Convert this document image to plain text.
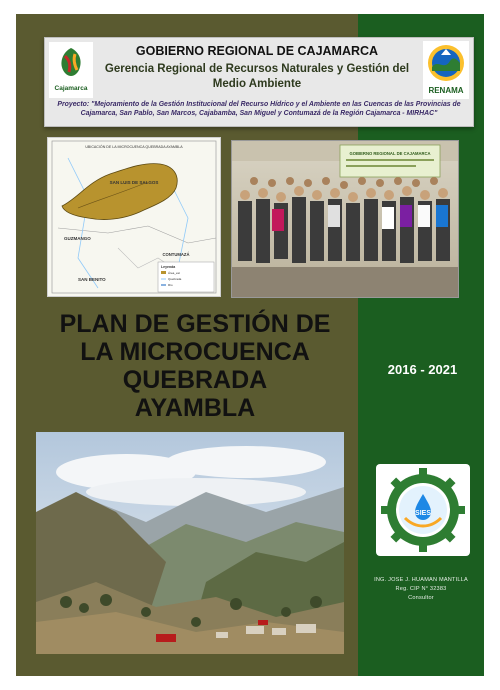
Cajamarca
GOBIERNO REGIONAL DE CAJAMARCA
Gerencia Regional de Recursos Naturales y Gestión del Medio Ambiente
RENAMA
Proyecto: "Mejoramiento de la Gestión Institucional del Recurso Hídrico y el Ambiente en las Cuencas de las Provincias de Cajamarca, San Pablo, San Marcos, Cajabamba, San Miguel y Contumazá de la Región Cajamarca - MIRHAC"
UBICACIÓN DE LA MICROCUENCA QUEBRADA AYAMBLA
SAN LUIS DE SALGOS
GUZMANGO
CONTUMAZÁ
SAN BENITO
Leyenda
Área_est
Quebrada
Río
GOBIERNO REGIONAL DE CAJAMARCA
PLAN DE GESTIÓN DE
LA MICROCUENCA
QUEBRADA
AYAMBLA
2016 - 2021
SIES
ING. JOSE J. HUAMAN MANTILLA
Reg. CIP N° 32383
Consultor
